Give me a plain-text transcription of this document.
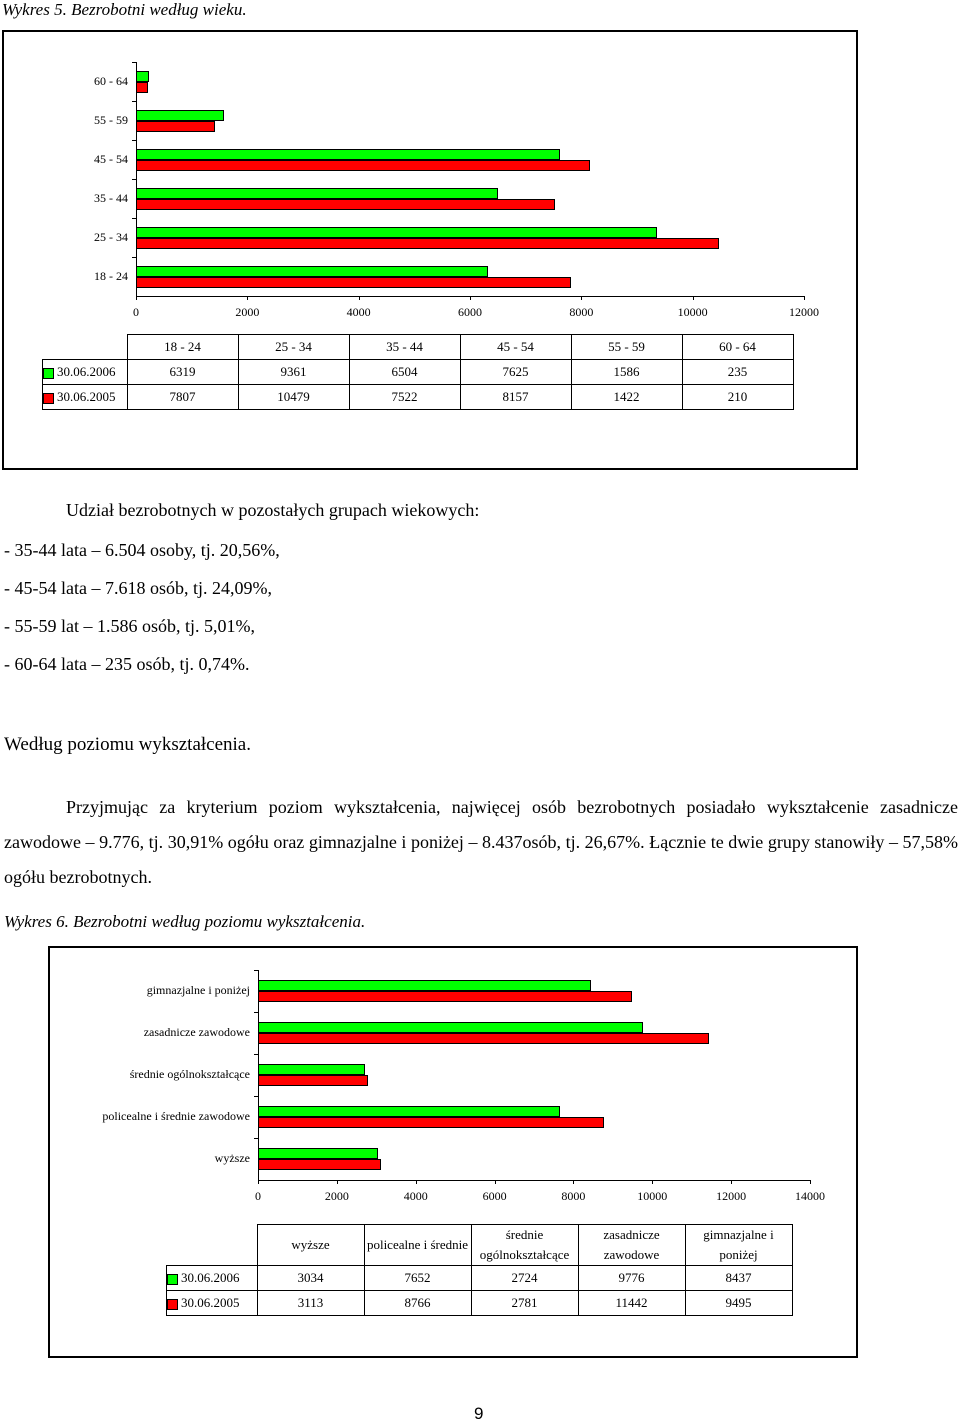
Wykres 5. Bezrobotni według wieku.
18 - 24
25 - 34
35 - 44
45 - 54
55 - 59
60 - 64
0	2000	4000	6000	8000	10000	12000
	18 - 24	25 - 34	35 - 44	45 - 54	55 - 59	60 - 64
30.06.2006	6319	9361	6504	7625	1586	235
30.06.2005	7807	10479	7522	8157	1422	210
Udział bezrobotnych w pozostałych grupach wiekowych:
- 35-44 lata – 6.504 osoby, tj. 20,56%,
- 45-54 lata – 7.618 osób, tj. 24,09%,
- 55-59 lat – 1.586 osób, tj. 5,01%,
- 60-64 lata – 235 osób, tj. 0,74%.
Według poziomu wykształcenia.
Przyjmując za kryterium poziom wykształcenia, najwięcej osób bezrobotnych posiadało wykształcenie zasadnicze zawodowe – 9.776, tj. 30,91% ogółu oraz gimnazjalne i poniżej – 8.437osób, tj. 26,67%. Łącznie te dwie grupy stanowiły – 57,58% ogółu bezrobotnych.
Wykres 6. Bezrobotni według poziomu wykształcenia.
wyższe
policealne i średnie zawodowe
średnie ogólnokształcące
zasadnicze zawodowe
gimnazjalne i poniżej
0	2000	4000	6000	8000	10000	12000	14000
	wyższe	policealne i średnie	średnie ogólnokształcące	zasadnicze zawodowe	gimnazjalne i poniżej
30.06.2006	3034	7652	2724	9776	8437
30.06.2005	3113	8766	2781	11442	9495
9
